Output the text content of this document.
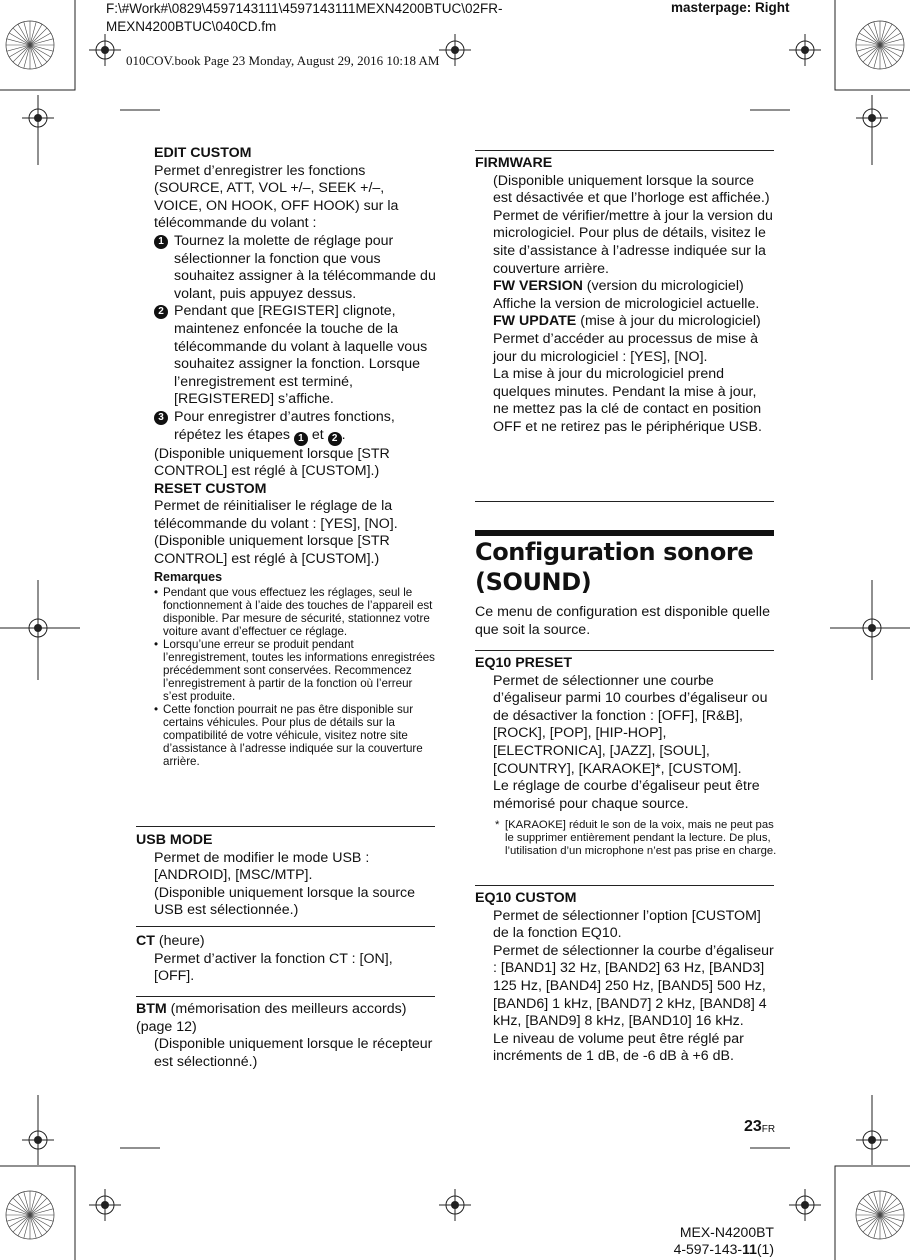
F:\#Work#\0829\4597143111\4597143111MEXN4200BTUC\02FR-
MEXN4200BTUC\040CD.fm
masterpage: Right
010COV.book Page 23 Monday, August 29, 2016 10:18 AM

EDIT CUSTOM

Permet d’enregistrer les fonctions (SOURCE, ATT, VOL +/–, SEEK +/–, VOICE, ON HOOK, OFF HOOK) sur la télécommande du volant :

1 Tournez la molette de réglage pour sélectionner la fonction que vous souhaitez assigner à la télécommande du volant, puis appuyez dessus.
2 Pendant que [REGISTER] clignote, maintenez enfoncée la touche de la télécommande du volant à laquelle vous souhaitez assigner la fonction. Lorsque l’enregistrement est terminé, [REGISTERED] s’affiche.
3 Pour enregistrer d’autres fonctions, répétez les étapes 1 et 2 .

(Disponible uniquement lorsque [STR CONTROL] est réglé à [CUSTOM].)

RESET CUSTOM

Permet de réinitialiser le réglage de la télécommande du volant : [YES], [NO].

(Disponible uniquement lorsque [STR CONTROL] est réglé à [CUSTOM].)

Remarques

• Pendant que vous effectuez les réglages, seul le fonctionnement à l’aide des touches de l’appareil est disponible. Par mesure de sécurité, stationnez votre voiture avant d’effectuer ce réglage.
• Lorsqu’une erreur se produit pendant l’enregistrement, toutes les informations enregistrées précédemment sont conservées. Recommencez l’enregistrement à partir de la fonction où l’erreur s’est produite.
• Cette fonction pourrait ne pas être disponible sur certains véhicules. Pour plus de détails sur la compatibilité de votre véhicule, visitez notre site d’assistance à l’adresse indiquée sur la couverture arrière.

USB MODE

Permet de modifier le mode USB : [ANDROID], [MSC/MTP].

(Disponible uniquement lorsque la source USB est sélectionnée.)

CT (heure)

Permet d’activer la fonction CT : [ON], [OFF].

BTM (mémorisation des meilleurs accords) (page 12)

(Disponible uniquement lorsque le récepteur est sélectionné.)

FIRMWARE

(Disponible uniquement lorsque la source est désactivée et que l’horloge est affichée.)

Permet de vérifier/mettre à jour la version du micrologiciel. Pour plus de détails, visitez le site d’assistance à l’adresse indiquée sur la couverture arrière.

FW VERSION (version du micrologiciel)

Affiche la version de micrologiciel actuelle.

FW UPDATE (mise à jour du micrologiciel)

Permet d’accéder au processus de mise à jour du micrologiciel : [YES], [NO].

La mise à jour du micrologiciel prend quelques minutes. Pendant la mise à jour, ne mettez pas la clé de contact en position OFF et ne retirez pas le périphérique USB.

Configuration sonore
(SOUND)

Ce menu de configuration est disponible quelle que soit la source.

EQ10 PRESET

Permet de sélectionner une courbe d’égaliseur parmi 10 courbes d’égaliseur ou de désactiver la fonction : [OFF], [R&B], [ROCK], [POP], [HIP-HOP], [ELECTRONICA], [JAZZ], [SOUL], [COUNTRY], [KARAOKE]*, [CUSTOM].

Le réglage de courbe d’égaliseur peut être mémorisé pour chaque source.

* [KARAOKE] réduit le son de la voix, mais ne peut pas le supprimer entièrement pendant la lecture. De plus, l’utilisation d’un microphone n’est pas prise en charge.

EQ10 CUSTOM

Permet de sélectionner l’option [CUSTOM] de la fonction EQ10.

Permet de sélectionner la courbe d’égaliseur : [BAND1] 32 Hz, [BAND2] 63 Hz, [BAND3] 125 Hz, [BAND4] 250 Hz, [BAND5] 500 Hz, [BAND6] 1 kHz, [BAND7] 2 kHz, [BAND8] 4 kHz, [BAND9] 8 kHz, [BAND10] 16 kHz.

Le niveau de volume peut être réglé par incréments de 1 dB, de -6 dB à +6 dB.

$23^{FR}$
MEX-N4200BT
4-597-143-11(1)
